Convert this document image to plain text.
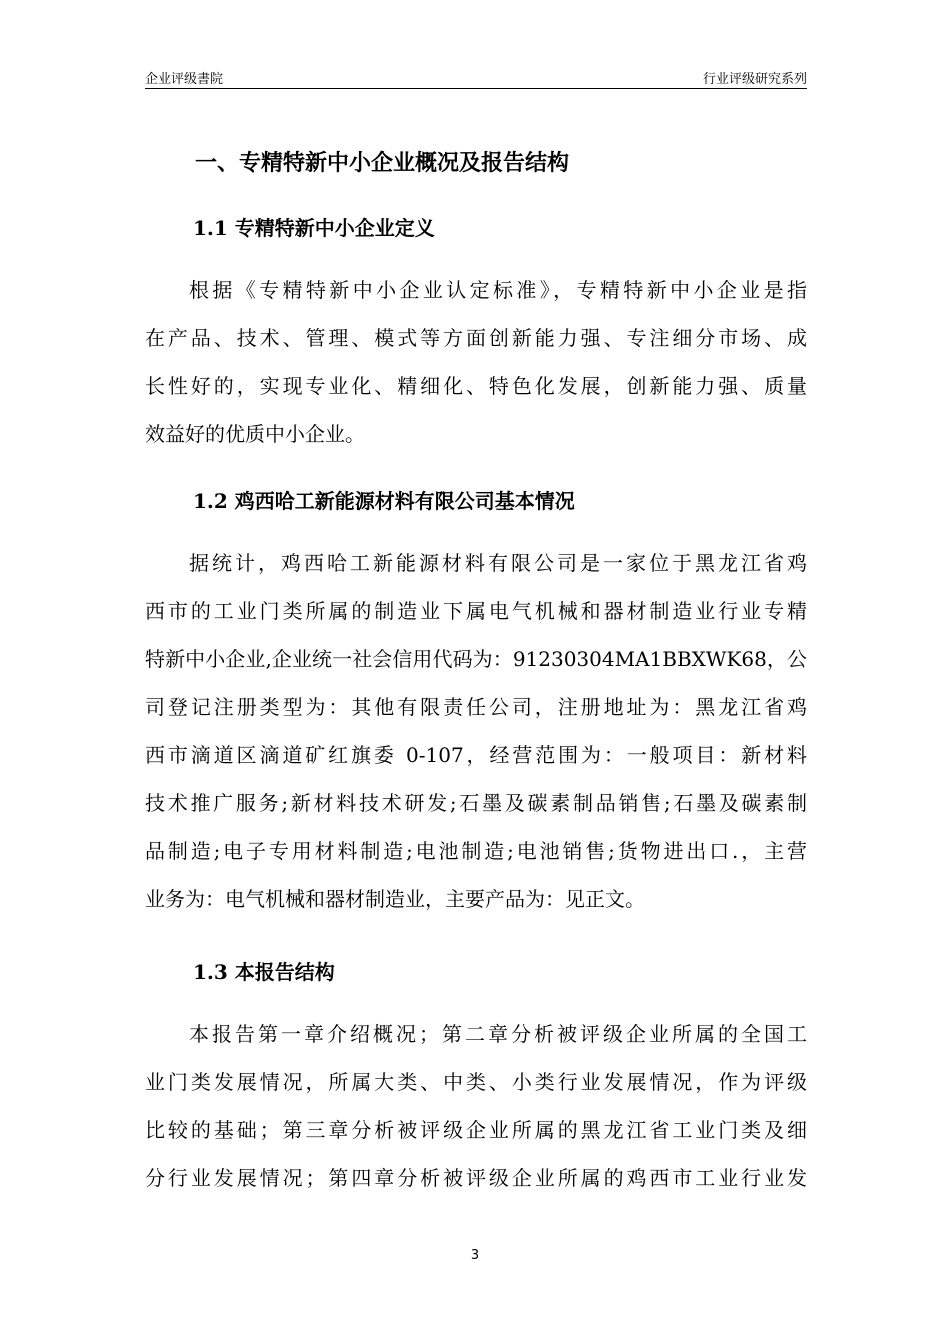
企业评级書院	行业评级研究系列
一、专精特新中小企业概况及报告结构
1.1 专精特新中小企业定义
根据《专精特新中小企业认定标准》，专精特新中小企业是指
在产品、技术、管理、模式等方面创新能力强、专注细分市场、成
长性好的，实现专业化、精细化、特色化发展，创新能力强、质量
效益好的优质中小企业。
1.2 鸡西哈工新能源材料有限公司基本情况
据统计，鸡西哈工新能源材料有限公司是一家位于黑龙江省鸡
西市的工业门类所属的制造业下属电气机械和器材制造业行业专精
特新中小企业,企业统一社会信用代码为：91230304MA1BBXWK68，公
司登记注册类型为：其他有限责任公司，注册地址为：黑龙江省鸡
西市滴道区滴道矿红旗委 0-107，经营范围为：一般项目：新材料
技术推广服务;新材料技术研发;石墨及碳素制品销售;石墨及碳素制
品制造;电子专用材料制造;电池制造;电池销售;货物进出口.，主营
业务为：电气机械和器材制造业，主要产品为：见正文。
1.3 本报告结构
本报告第一章介绍概况；第二章分析被评级企业所属的全国工
业门类发展情况，所属大类、中类、小类行业发展情况，作为评级
比较的基础；第三章分析被评级企业所属的黑龙江省工业门类及细
分行业发展情况；第四章分析被评级企业所属的鸡西市工业行业发
3
